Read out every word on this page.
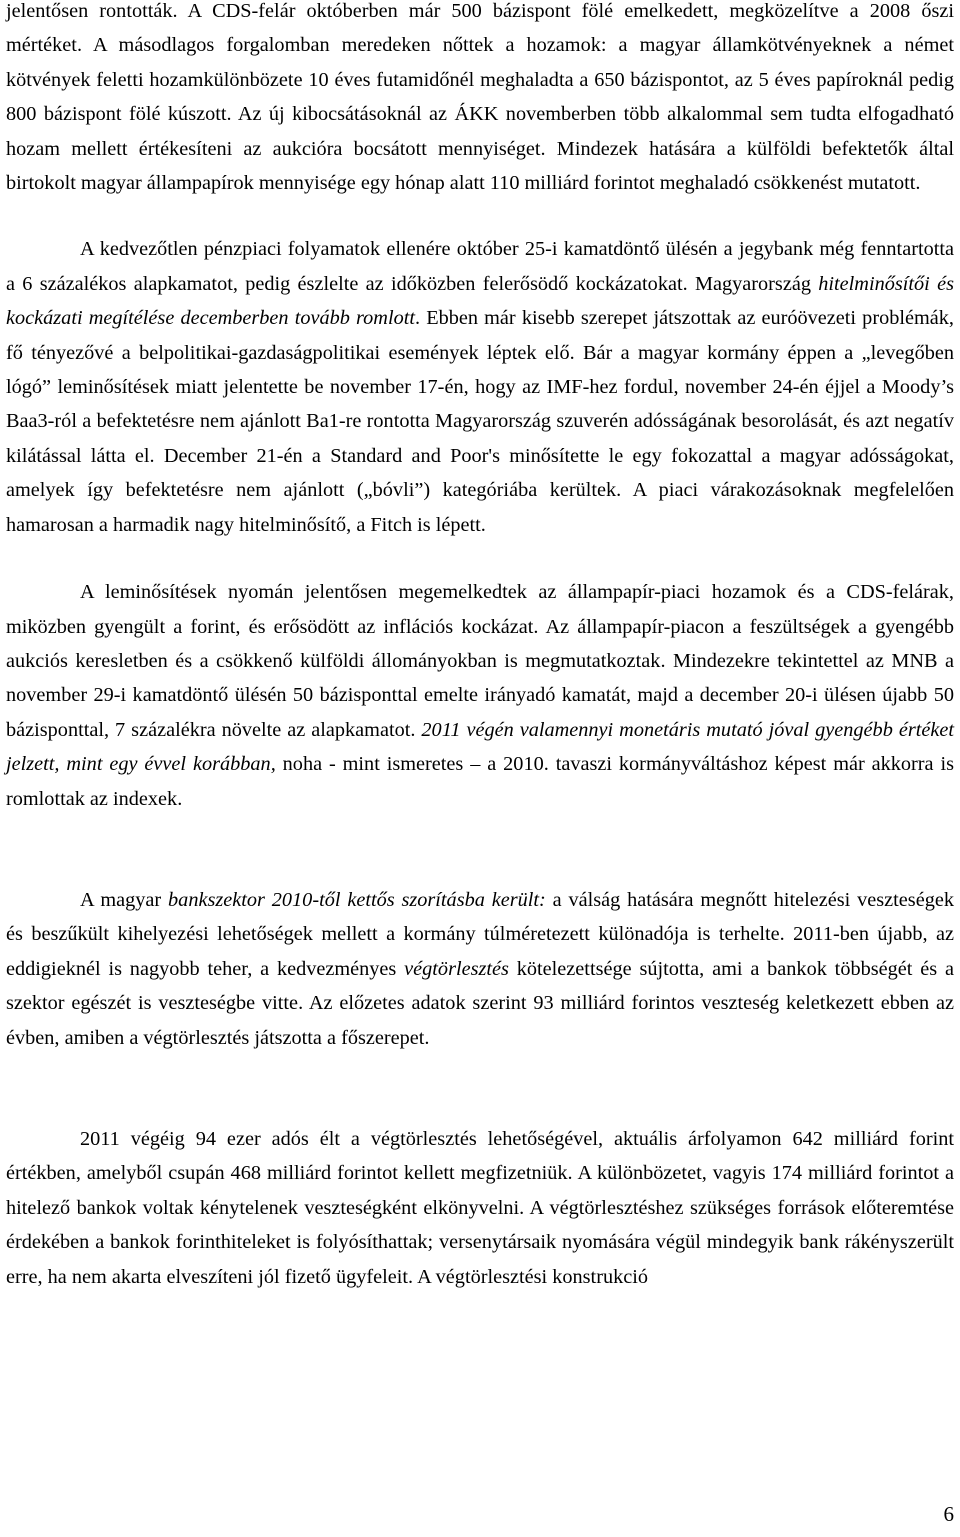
jelentősen rontották. A CDS-felár októberben már 500 bázispont fölé emelkedett, megközelítve a 2008 őszi mértéket. A másodlagos forgalomban meredeken nőttek a hozamok: a magyar államkötvényeknek a német kötvények feletti hozamkülönbözete 10 éves futamidőnél meghaladta a 650 bázispontot, az 5 éves papíroknál pedig 800 bázispont fölé kúszott. Az új kibocsátásoknál az ÁKK novemberben több alkalommal sem tudta elfogadható hozam mellett értékesíteni az aukcióra bocsátott mennyiséget. Mindezek hatására a külföldi befektetők által birtokolt magyar állampapírok mennyisége egy hónap alatt 110 milliárd forintot meghaladó csökkenést mutatott.

A kedvezőtlen pénzpiaci folyamatok ellenére október 25-i kamatdöntő ülésén a jegybank még fenntartotta a 6 százalékos alapkamatot, pedig észlelte az időközben felerősödő kockázatokat. Magyarország hitelminősítői és kockázati megítélése decemberben tovább romlott. Ebben már kisebb szerepet játszottak az euróövezeti problémák, fő tényezővé a belpolitikai-gazdaságpolitikai események léptek elő. Bár a magyar kormány éppen a „levegőben lógó” leminősítések miatt jelentette be november 17-én, hogy az IMF-hez fordul, november 24-én éjjel a Moody’s Baa3-ról a befektetésre nem ajánlott Ba1-re rontotta Magyarország szuverén adósságának besorolását, és azt negatív kilátással látta el. December 21-én a Standard and Poor's minősítette le egy fokozattal a magyar adósságokat, amelyek így befektetésre nem ajánlott („bóvli”) kategóriába kerültek. A piaci várakozásoknak megfelelően hamarosan a harmadik nagy hitelminősítő, a Fitch is lépett.

A leminősítések nyomán jelentősen megemelkedtek az állampapír-piaci hozamok és a CDS-felárak, miközben gyengült a forint, és erősödött az inflációs kockázat. Az állampapír-piacon a feszültségek a gyengébb aukciós keresletben és a csökkenő külföldi állományokban is megmutatkoztak. Mindezekre tekintettel az MNB a november 29-i kamatdöntő ülésén 50 bázisponttal emelte irányadó kamatát, majd a december 20-i ülésen újabb 50 bázisponttal, 7 százalékra növelte az alapkamatot. 2011 végén valamennyi monetáris mutató jóval gyengébb értéket jelzett, mint egy évvel korábban, noha - mint ismeretes – a 2010. tavaszi kormányváltáshoz képest már akkorra is romlottak az indexek.

A magyar bankszektor 2010-től kettős szorításba került: a válság hatására megnőtt hitelezési veszteségek és beszűkült kihelyezési lehetőségek mellett a kormány túlméretezett különadója is terhelte. 2011-ben újabb, az eddigieknél is nagyobb teher, a kedvezményes végtörlesztés kötelezettsége sújtotta, ami a bankok többségét és a szektor egészét is veszteségbe vitte. Az előzetes adatok szerint 93 milliárd forintos veszteség keletkezett ebben az évben, amiben a végtörlesztés játszotta a főszerepet.

2011 végéig 94 ezer adós élt a végtörlesztés lehetőségével, aktuális árfolyamon 642 milliárd forint értékben, amelyből csupán 468 milliárd forintot kellett megfizetniük. A különbözetet, vagyis 174 milliárd forintot a hitelező bankok voltak kénytelenek veszteségként elkönyvelni. A végtörlesztéshez szükséges források előteremtése érdekében a bankok forinthiteleket is folyósíthattak; versenytársaik nyomására végül mindegyik bank rákényszerült erre, ha nem akarta elveszíteni jól fizető ügyfeleit. A végtörlesztési konstrukció

6
